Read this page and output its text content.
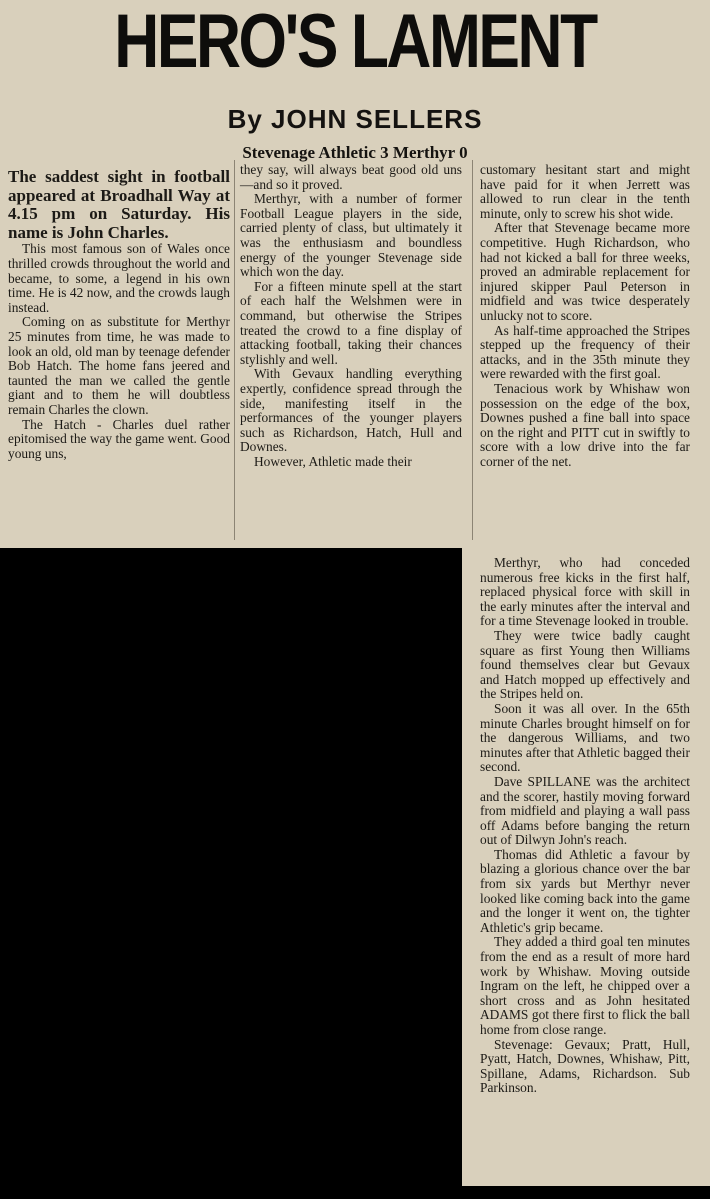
HERO'S LAMENT
By JOHN SELLERS
Stevenage Athletic 3 Merthyr 0

The saddest sight in football appeared at Broadhall Way at 4.15 pm on Saturday. His name is John Charles.

This most famous son of Wales once thrilled crowds throughout the world and became, to some, a legend in his own time. He is 42 now, and the crowds laugh instead.

Coming on as substitute for Merthyr 25 minutes from time, he was made to look an old, old man by teenage defender Bob Hatch. The home fans jeered and taunted the man we called the gentle giant and to them he will doubtless remain Charles the clown.

The Hatch - Charles duel rather epitomised the way the game went. Good young uns,

they say, will always beat good old uns—and so it proved.

Merthyr, with a number of former Football League players in the side, carried plenty of class, but ultimately it was the enthusiasm and boundless energy of the younger Stevenage side which won the day.

For a fifteen minute spell at the start of each half the Welshmen were in command, but otherwise the Stripes treated the crowd to a fine display of attacking football, taking their chances stylishly and well.

With Gevaux handling everything expertly, confidence spread through the side, manifesting itself in the performances of the younger players such as Richardson, Hatch, Hull and Downes.

However, Athletic made their

customary hesitant start and might have paid for it when Jerrett was allowed to run clear in the tenth minute, only to screw his shot wide.

After that Stevenage became more competitive. Hugh Richardson, who had not kicked a ball for three weeks, proved an admirable replacement for injured skipper Paul Peterson in midfield and was twice desperately unlucky not to score.

As half-time approached the Stripes stepped up the frequency of their attacks, and in the 35th minute they were rewarded with the first goal.

Tenacious work by Whishaw won possession on the edge of the box, Downes pushed a fine ball into space on the right and PITT cut in swiftly to score with a low drive into the far corner of the net.

Merthyr, who had conceded numerous free kicks in the first half, replaced physical force with skill in the early minutes after the interval and for a time Stevenage looked in trouble.

They were twice badly caught square as first Young then Williams found themselves clear but Gevaux and Hatch mopped up effectively and the Stripes held on.

Soon it was all over. In the 65th minute Charles brought himself on for the dangerous Williams, and two minutes after that Athletic bagged their second.

Dave SPILLANE was the architect and the scorer, hastily moving forward from midfield and playing a wall pass off Adams before banging the return out of Dilwyn John's reach.

Thomas did Athletic a favour by blazing a glorious chance over the bar from six yards but Merthyr never looked like coming back into the game and the longer it went on, the tighter Athletic's grip became.

They added a third goal ten minutes from the end as a result of more hard work by Whishaw. Moving outside Ingram on the left, he chipped over a short cross and as John hesitated ADAMS got there first to flick the ball home from close range.

Stevenage: Gevaux; Pratt, Hull, Pyatt, Hatch, Downes, Whishaw, Pitt, Spillane, Adams, Richardson. Sub Parkinson.
